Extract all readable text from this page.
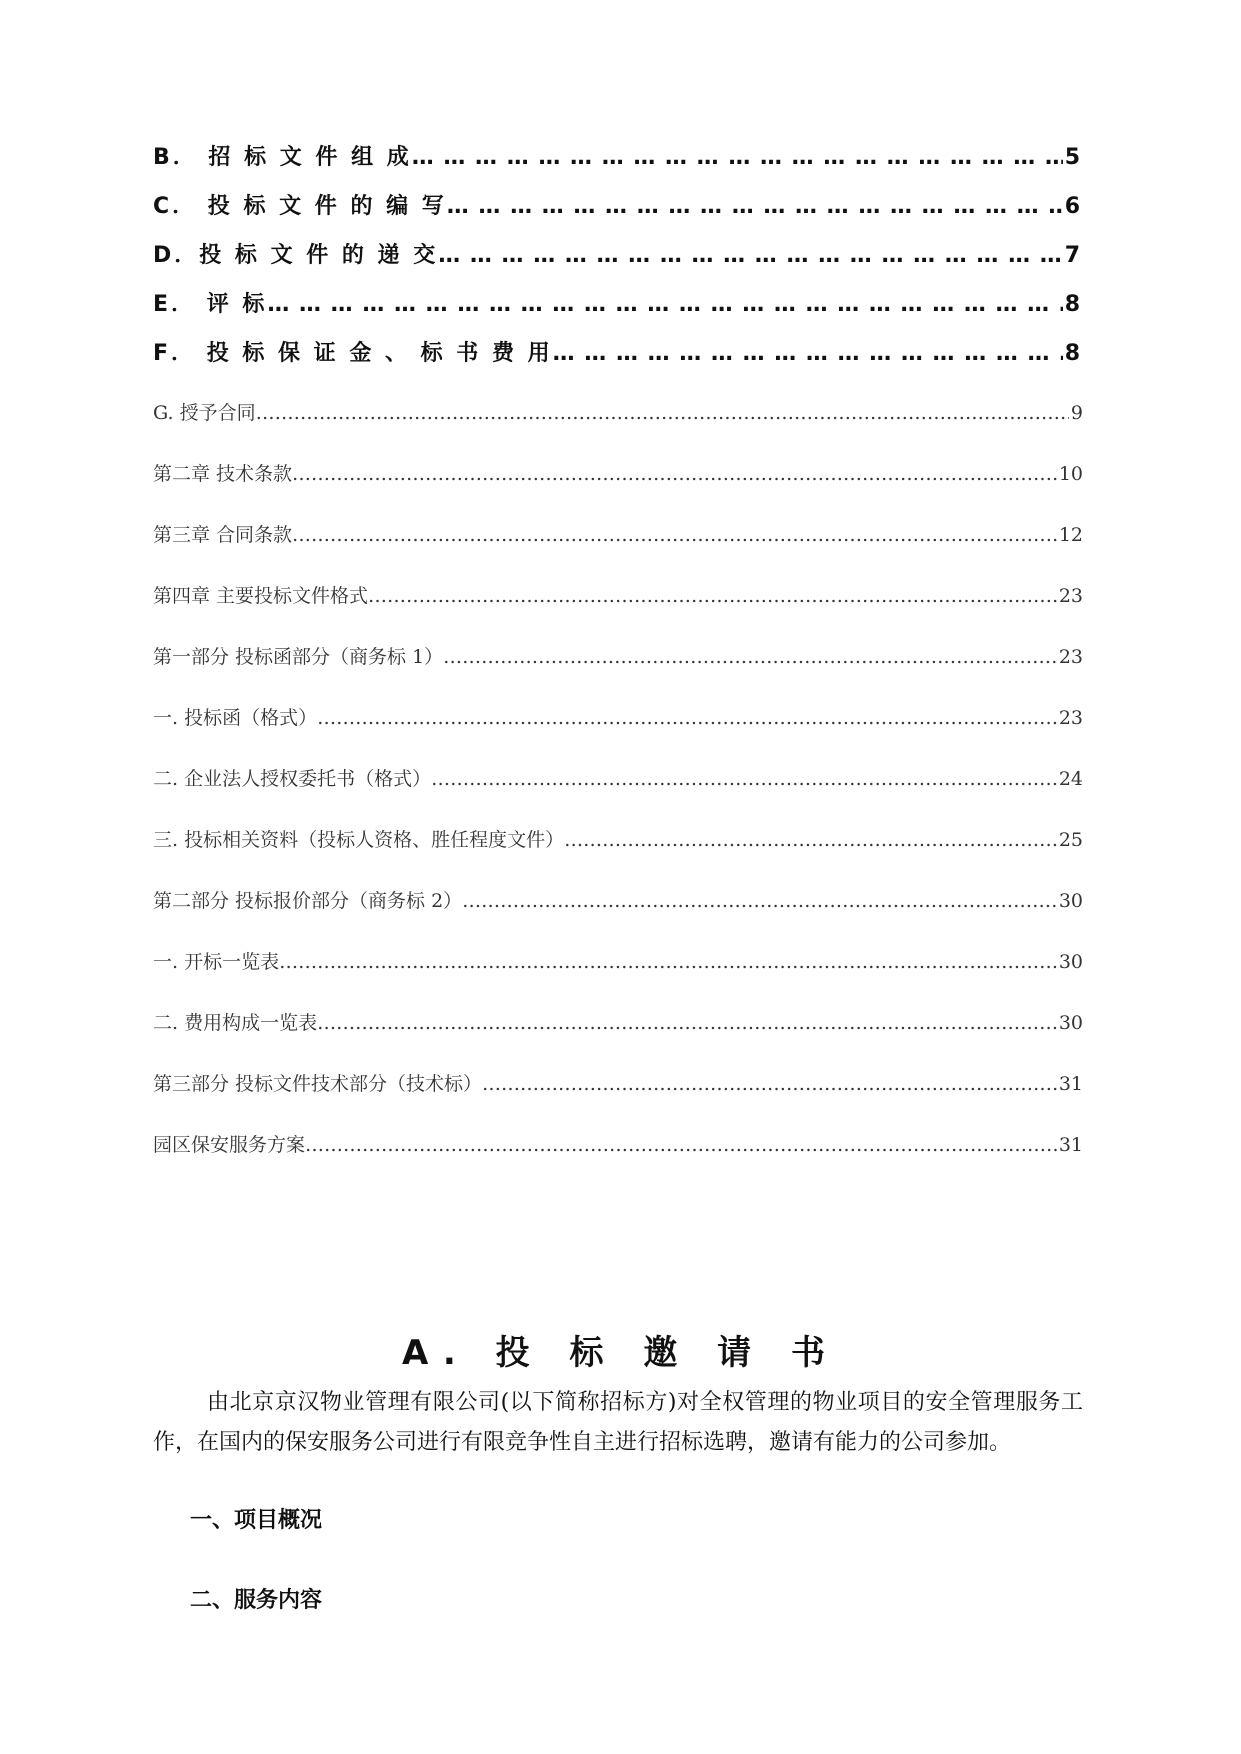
B． 招 标 文 件 组 成 … … … … … … … … … … … … … … … … … … … … … … … … … … … … … … … … … … … … … … … … … … … … … … … … … … … … … … …	5
C． 投 标 文 件 的 编 写 … … … … … … … … … … … … … … … … … … … … … … … … … … … … … … … … … … … … … … … … … … … … … … … … … … … … … … …	6
D．投 标 文 件 的 递 交 … … … … … … … … … … … … … … … … … … … … … … … … … … … … … … … … … … … … … … … … … … … … … … … … … … … … … … …	7
E． 评 标 … … … … … … … … … … … … … … … … … … … … … … … … … … … … … … … … … … … … … … … … … … … … … … … … … … … … … … …	8
F． 投 标 保 证 金 、 标 书 费 用 … … … … … … … … … … … … … … … … … … … … … … … … … … … … … … … … … … … … … … … … … … … … … … … … … … … … … … …	8
G. 授予合同 …………………………………………………………………………………………………………………………………………………………………………………………………………………………………………………………………………………………………………………………………………………………………………………………………	9
第二章 技术条款 …………………………………………………………………………………………………………………………………………………………………………………………………………………………………………………………………………………………………………………………………………………………………………………………………	10
第三章 合同条款 …………………………………………………………………………………………………………………………………………………………………………………………………………………………………………………………………………………………………………………………………………………………………………………………………	12
第四章 主要投标文件格式 …………………………………………………………………………………………………………………………………………………………………………………………………………………………………………………………………………………………………………………………………………………………………………………………………	23
第一部分 投标函部分（商务标 1） …………………………………………………………………………………………………………………………………………………………………………………………………………………………………………………………………………………………………………………………………………………………………………………………………	23
一. 投标函（格式） …………………………………………………………………………………………………………………………………………………………………………………………………………………………………………………………………………………………………………………………………………………………………………………………………	23
二. 企业法人授权委托书（格式） …………………………………………………………………………………………………………………………………………………………………………………………………………………………………………………………………………………………………………………………………………………………………………………………………	24
三. 投标相关资料（投标人资格、胜任程度文件） …………………………………………………………………………………………………………………………………………………………………………………………………………………………………………………………………………………………………………………………………………………………………………………………………	25
第二部分 投标报价部分（商务标 2） …………………………………………………………………………………………………………………………………………………………………………………………………………………………………………………………………………………………………………………………………………………………………………………………………	30
一. 开标一览表 …………………………………………………………………………………………………………………………………………………………………………………………………………………………………………………………………………………………………………………………………………………………………………………………………	30
二. 费用构成一览表 …………………………………………………………………………………………………………………………………………………………………………………………………………………………………………………………………………………………………………………………………………………………………………………………………	30
第三部分 投标文件技术部分（技术标） …………………………………………………………………………………………………………………………………………………………………………………………………………………………………………………………………………………………………………………………………………………………………………………………………	31
园区保安服务方案 …………………………………………………………………………………………………………………………………………………………………………………………………………………………………………………………………………………………………………………………………………………………………………………………………	31
A. 投 标 邀 请 书
由北京京汉物业管理有限公司(以下简称招标方)对全权管理的物业项目的安全管理服务工作，在国内的保安服务公司进行有限竞争性自主进行招标选聘，邀请有能力的公司参加。
一、项目概况
二、服务内容
